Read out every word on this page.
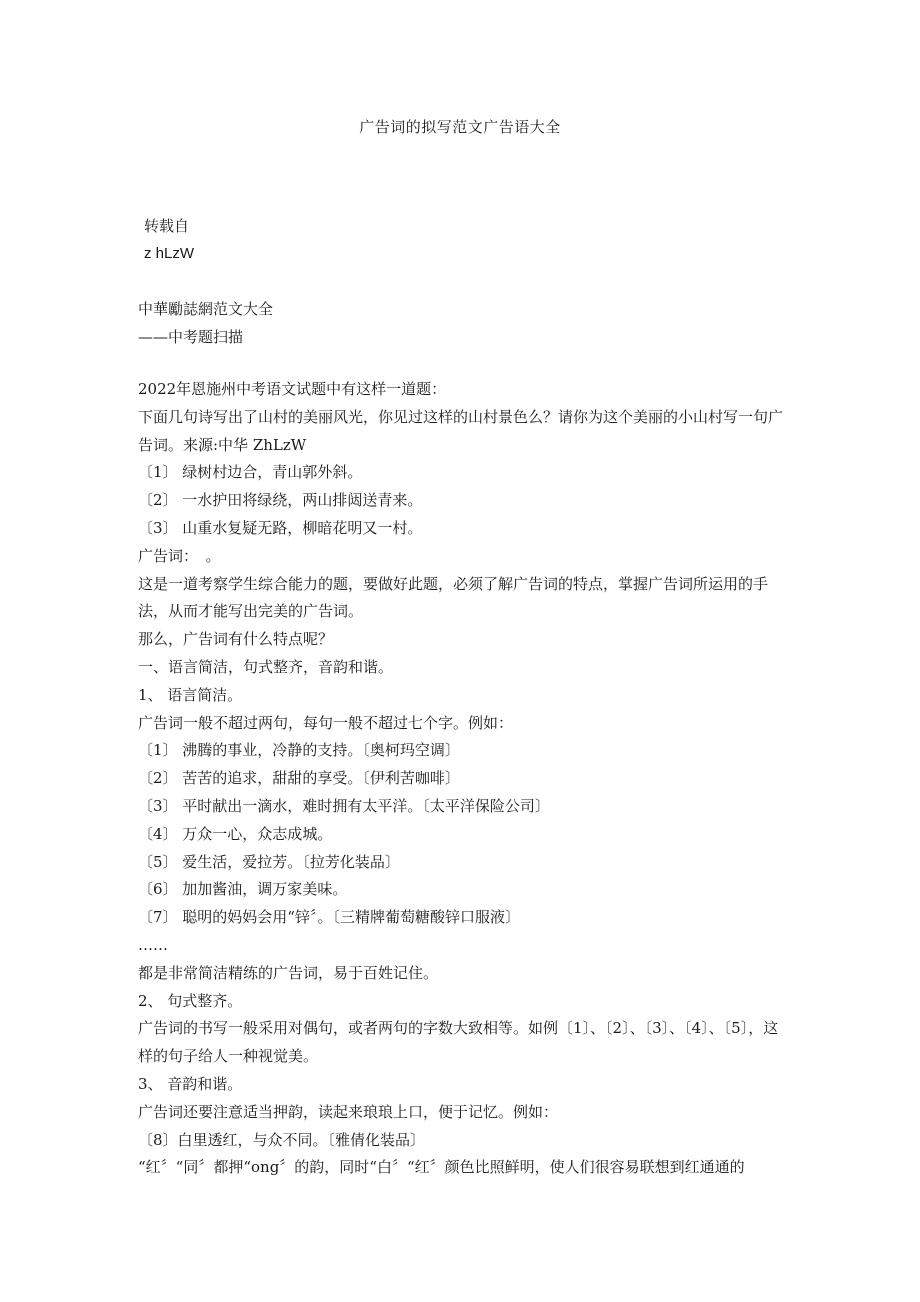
广告词的拟写范文广告语大全
转载自
z hLzW
中華勵誌網范文大全
——中考题扫描

2022年恩施州中考语文试题中有这样一道题：

下面几句诗写出了山村的美丽风光，你见过这样的山村景色么？请你为这个美丽的小山村写一句广告词。来源:中华 ZhLzW

〔1〕 绿树村边合，青山郭外斜。

〔2〕 一水护田将绿绕，两山排闼送青来。

〔3〕 山重水复疑无路，柳暗花明又一村。

广告词：　。

这是一道考察学生综合能力的题，要做好此题，必须了解广告词的特点，掌握广告词所运用的手法，从而才能写出完美的广告词。

那么，广告词有什么特点呢？

一、语言简洁，句式整齐，音韵和谐。

1、 语言简洁。

广告词一般不超过两句，每句一般不超过七个字。例如：

〔1〕 沸腾的事业，冷静的支持。〔奥柯玛空调〕

〔2〕 苦苦的追求，甜甜的享受。〔伊利苦咖啡〕

〔3〕 平时献出一滴水，难时拥有太平洋。〔太平洋保险公司〕

〔4〕 万众一心，众志成城。

〔5〕 爱生活，爱拉芳。〔拉芳化装品〕

〔6〕 加加酱油，调万家美味。

〔7〕 聪明的妈妈会用“锌〞。〔三精牌葡萄糖酸锌口服液〕

……

都是非常简洁精练的广告词，易于百姓记住。

2、 句式整齐。

广告词的书写一般采用对偶句，或者两句的字数大致相等。如例〔1〕、〔2〕、〔3〕、〔4〕、〔5〕，这样的句子给人一种视觉美。

3、 音韵和谐。

广告词还要注意适当押韵，读起来琅琅上口，便于记忆。例如：

〔8〕白里透红，与众不同。〔雅倩化装品〕

“红〞“同〞都押“ong〞的韵，同时“白〞“红〞颜色比照鲜明，使人们很容易联想到红通通的
